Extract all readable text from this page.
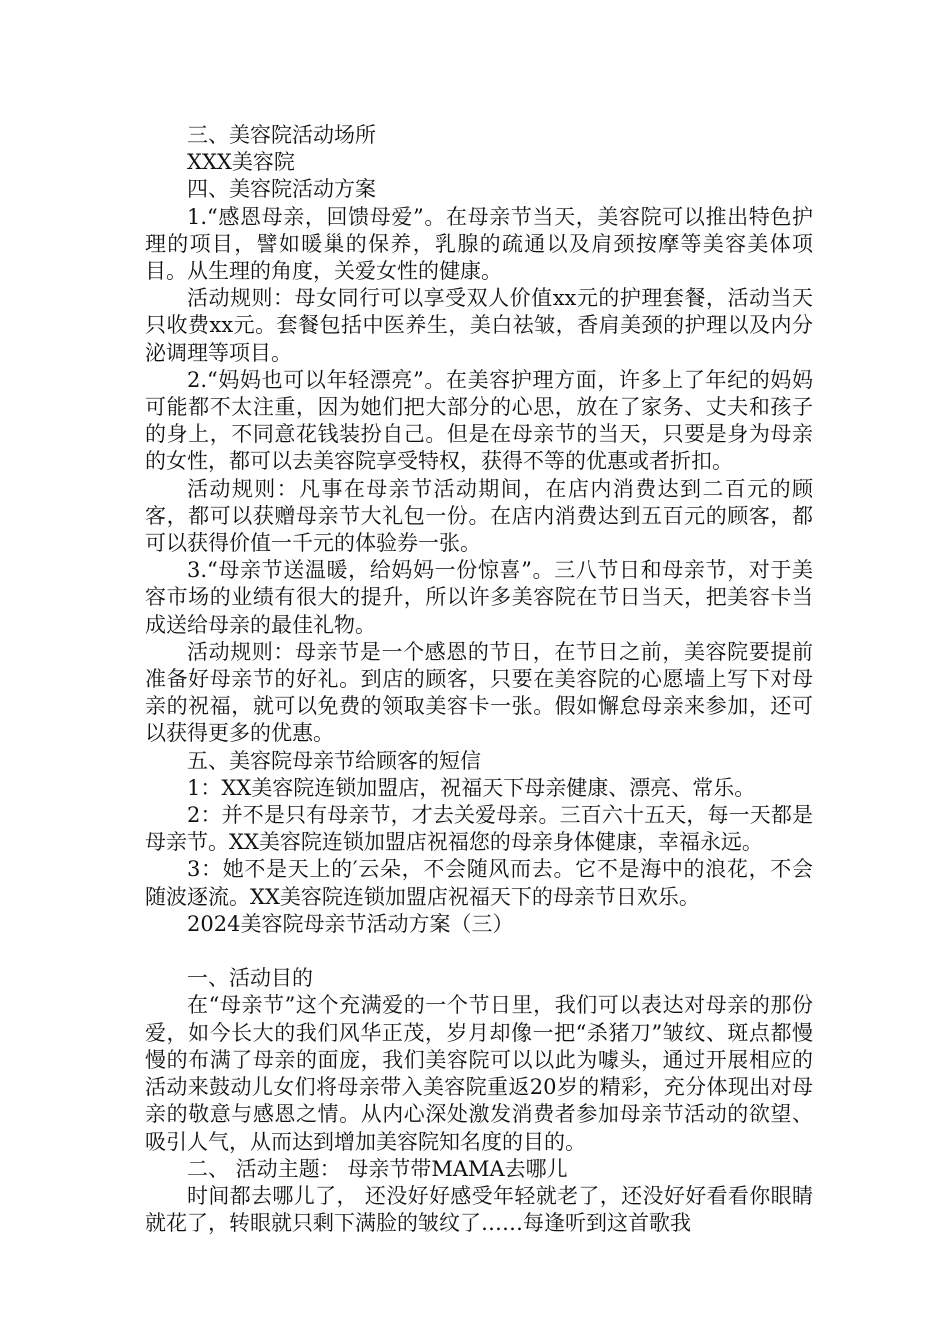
三、美容院活动场所

XXX美容院

四、美容院活动方案

1.“感恩母亲，回馈母爱”。在母亲节当天，美容院可以推出特色护理的项目，譬如暖巢的保养，乳腺的疏通以及肩颈按摩等美容美体项目。从生理的角度，关爱女性的健康。

活动规则：母女同行可以享受双人价值xx元的护理套餐，活动当天只收费xx元。套餐包括中医养生，美白祛皱，香肩美颈的护理以及内分泌调理等项目。

2.“妈妈也可以年轻漂亮”。在美容护理方面，许多上了年纪的妈妈可能都不太注重，因为她们把大部分的心思，放在了家务、丈夫和孩子的身上，不同意花钱装扮自己。但是在母亲节的当天，只要是身为母亲的女性，都可以去美容院享受特权，获得不等的优惠或者折扣。

活动规则：凡事在母亲节活动期间，在店内消费达到二百元的顾客，都可以获赠母亲节大礼包一份。在店内消费达到五百元的顾客，都可以获得价值一千元的体验券一张。

3.“母亲节送温暖，给妈妈一份惊喜”。三八节日和母亲节，对于美容市场的业绩有很大的提升，所以许多美容院在节日当天，把美容卡当成送给母亲的最佳礼物。

活动规则：母亲节是一个感恩的节日，在节日之前，美容院要提前准备好母亲节的好礼。到店的顾客，只要在美容院的心愿墙上写下对母亲的祝福，就可以免费的领取美容卡一张。假如懈怠母亲来参加，还可以获得更多的优惠。

五、美容院母亲节给顾客的短信

1：XX美容院连锁加盟店，祝福天下母亲健康、漂亮、常乐。

2：并不是只有母亲节，才去关爱母亲。三百六十五天，每一天都是母亲节。XX美容院连锁加盟店祝福您的母亲身体健康，幸福永远。

3：她不是天上的′云朵，不会随风而去。它不是海中的浪花，不会随波逐流。XX美容院连锁加盟店祝福天下的母亲节日欢乐。

2024美容院母亲节活动方案（三）

一、活动目的

在“母亲节”这个充满爱的一个节日里，我们可以表达对母亲的那份爱，如今长大的我们风华正茂，岁月却像一把“杀猪刀”皱纹、斑点都慢慢的布满了母亲的面庞，我们美容院可以以此为噱头，通过开展相应的活动来鼓动儿女们将母亲带入美容院重返20岁的精彩，充分体现出对母亲的敬意与感恩之情。从内心深处激发消费者参加母亲节活动的欲望、吸引人气，从而达到增加美容院知名度的目的。

二、 活动主题： 母亲节带MAMA去哪儿

时间都去哪儿了， 还没好好感受年轻就老了，还没好好看看你眼睛就花了，转眼就只剩下满脸的皱纹了……每逢听到这首歌我
